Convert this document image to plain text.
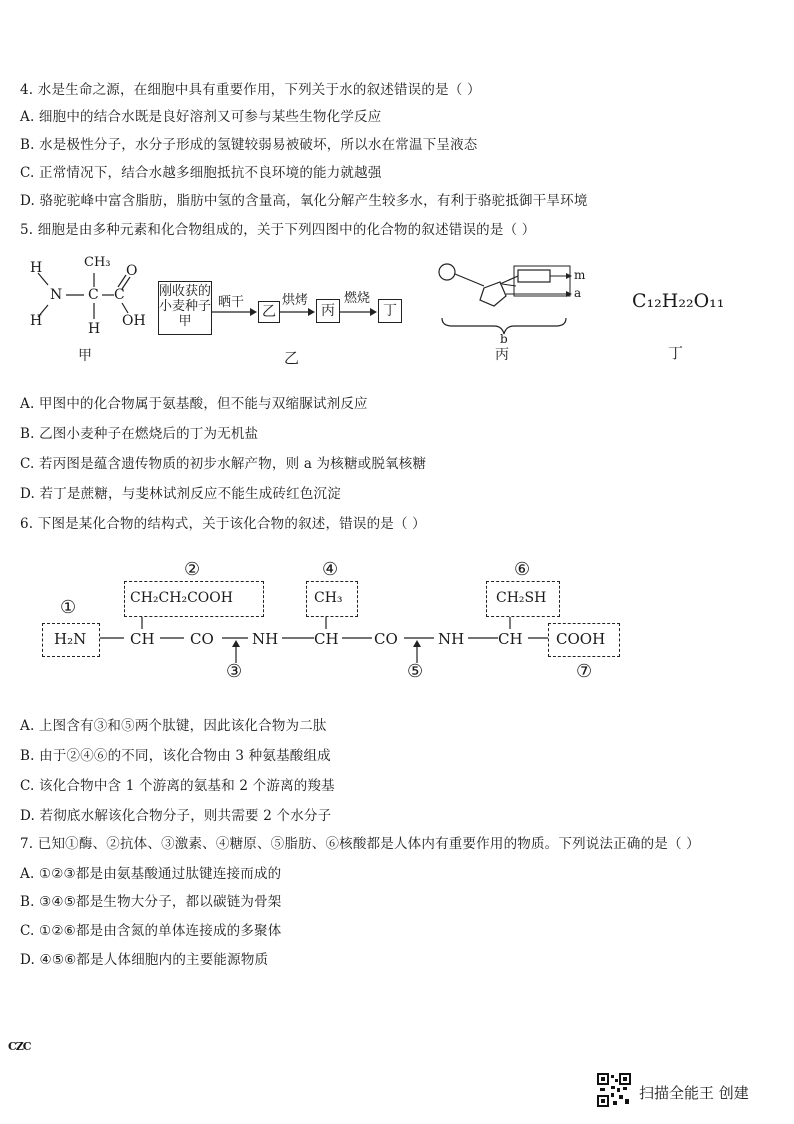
4. 水是生命之源，在细胞中具有重要作用，下列关于水的叙述错误的是（ ）
A. 细胞中的结合水既是良好溶剂又可参与某些生物化学反应
B. 水是极性分子，水分子形成的氢键较弱易被破坏，所以水在常温下呈液态
C. 正常情况下，结合水越多细胞抵抗不良环境的能力就越强
D. 骆驼驼峰中富含脂肪，脂肪中氢的含量高，氧化分解产生较多水，有利于骆驼抵御干旱环境
5. 细胞是由多种元素和化合物组成的，关于下列四图中的化合物的叙述错误的是（ ）
H
N
H
CH₃
C C
O
OH
H
甲
刚收获的小麦种子甲
晒干
乙
烘烤
丙
燃烧
丁
乙
m
a
b
丙
C₁₂H₂₂O₁₁
丁
A. 甲图中的化合物属于氨基酸，但不能与双缩脲试剂反应
B. 乙图小麦种子在燃烧后的丁为无机盐
C. 若丙图是蕴含遗传物质的初步水解产物，则 a 为核糖或脱氧核糖
D. 若丁是蔗糖，与斐林试剂反应不能生成砖红色沉淀
6. 下图是某化合物的结构式，关于该化合物的叙述，错误的是（ ）
H₂N	CH CO	NH CH CO	NH CH COOH
CH₂CH₂COOH	CH₃	CH₂SH
①
②
③
④
⑤
⑥
⑦
A. 上图含有③和⑤两个肽键，因此该化合物为二肽
B. 由于②④⑥的不同，该化合物由 3 种氨基酸组成
C. 该化合物中含 1 个游离的氨基和 2 个游离的羧基
D. 若彻底水解该化合物分子，则共需要 2 个水分子
7. 已知①酶、②抗体、③激素、④糖原、⑤脂肪、⑥核酸都是人体内有重要作用的物质。下列说法正确的是（ ）
A. ①②③都是由氨基酸通过肽键连接而成的
B. ③④⑤都是生物大分子，都以碳链为骨架
C. ①②⑥都是由含氮的单体连接成的多聚体
D. ④⑤⑥都是人体细胞内的主要能源物质
CZC
扫描全能王 创建
